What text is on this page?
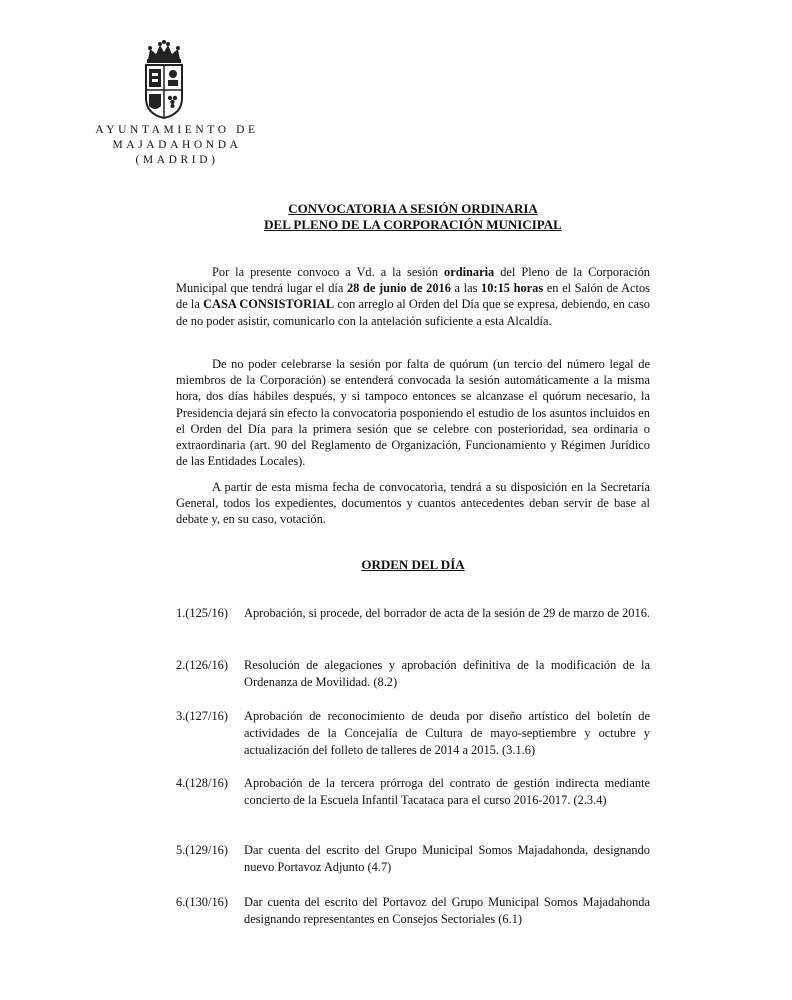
AYUNTAMIENTO DE
MAJADAHONDA
(MADRID)
CONVOCATORIA A SESIÓN ORDINARIA
DEL PLENO DE LA CORPORACIÓN MUNICIPAL

Por la presente convoco a Vd. a la sesión ordinaria del Pleno de la Corporación Municipal que tendrá lugar el día 28 de junio de 2016 a las 10:15 horas en el Salón de Actos de la CASA CONSISTORIAL con arreglo al Orden del Día que se expresa, debiendo, en caso de no poder asistir, comunicarlo con la antelación suficiente a esta Alcaldía.

De no poder celebrarse la sesión por falta de quórum (un tercio del número legal de miembros de la Corporación) se entenderá convocada la sesión automáticamente a la misma hora, dos días hábiles después, y si tampoco entonces se alcanzase el quórum necesario, la Presidencia dejará sin efecto la convocatoria posponiendo el estudio de los asuntos incluidos en el Orden del Día para la primera sesión que se celebre con posterioridad, sea ordinaria o extraordinaria (art. 90 del Reglamento de Organización, Funcionamiento y Régimen Jurídico de las Entidades Locales).

A partir de esta misma fecha de convocatoria, tendrá a su disposición en la Secretaría General, todos los expedientes, documentos y cuantos antecedentes deban servir de base al debate y, en su caso, votación.

ORDEN DEL DÍA
1.(125/16) Aprobación, si procede, del borrador de acta de la sesión de 29 de marzo de 2016.
2.(126/16) Resolución de alegaciones y aprobación definitiva de la modificación de la Ordenanza de Movilidad. (8.2)
3.(127/16) Aprobación de reconocimiento de deuda por diseño artístico del boletín de actividades de la Concejalía de Cultura de mayo-septiembre y octubre y actualización del folleto de talleres de 2014 a 2015. (3.1.6)
4.(128/16) Aprobación de la tercera prórroga del contrato de gestión indirecta mediante concierto de la Escuela Infantil Tacataca para el curso 2016-2017. (2.3.4)
5.(129/16) Dar cuenta del escrito del Grupo Municipal Somos Majadahonda, designando nuevo Portavoz Adjunto (4.7)
6.(130/16) Dar cuenta del escrito del Portavoz del Grupo Municipal Somos Majadahonda designando representantes en Consejos Sectoriales (6.1)
